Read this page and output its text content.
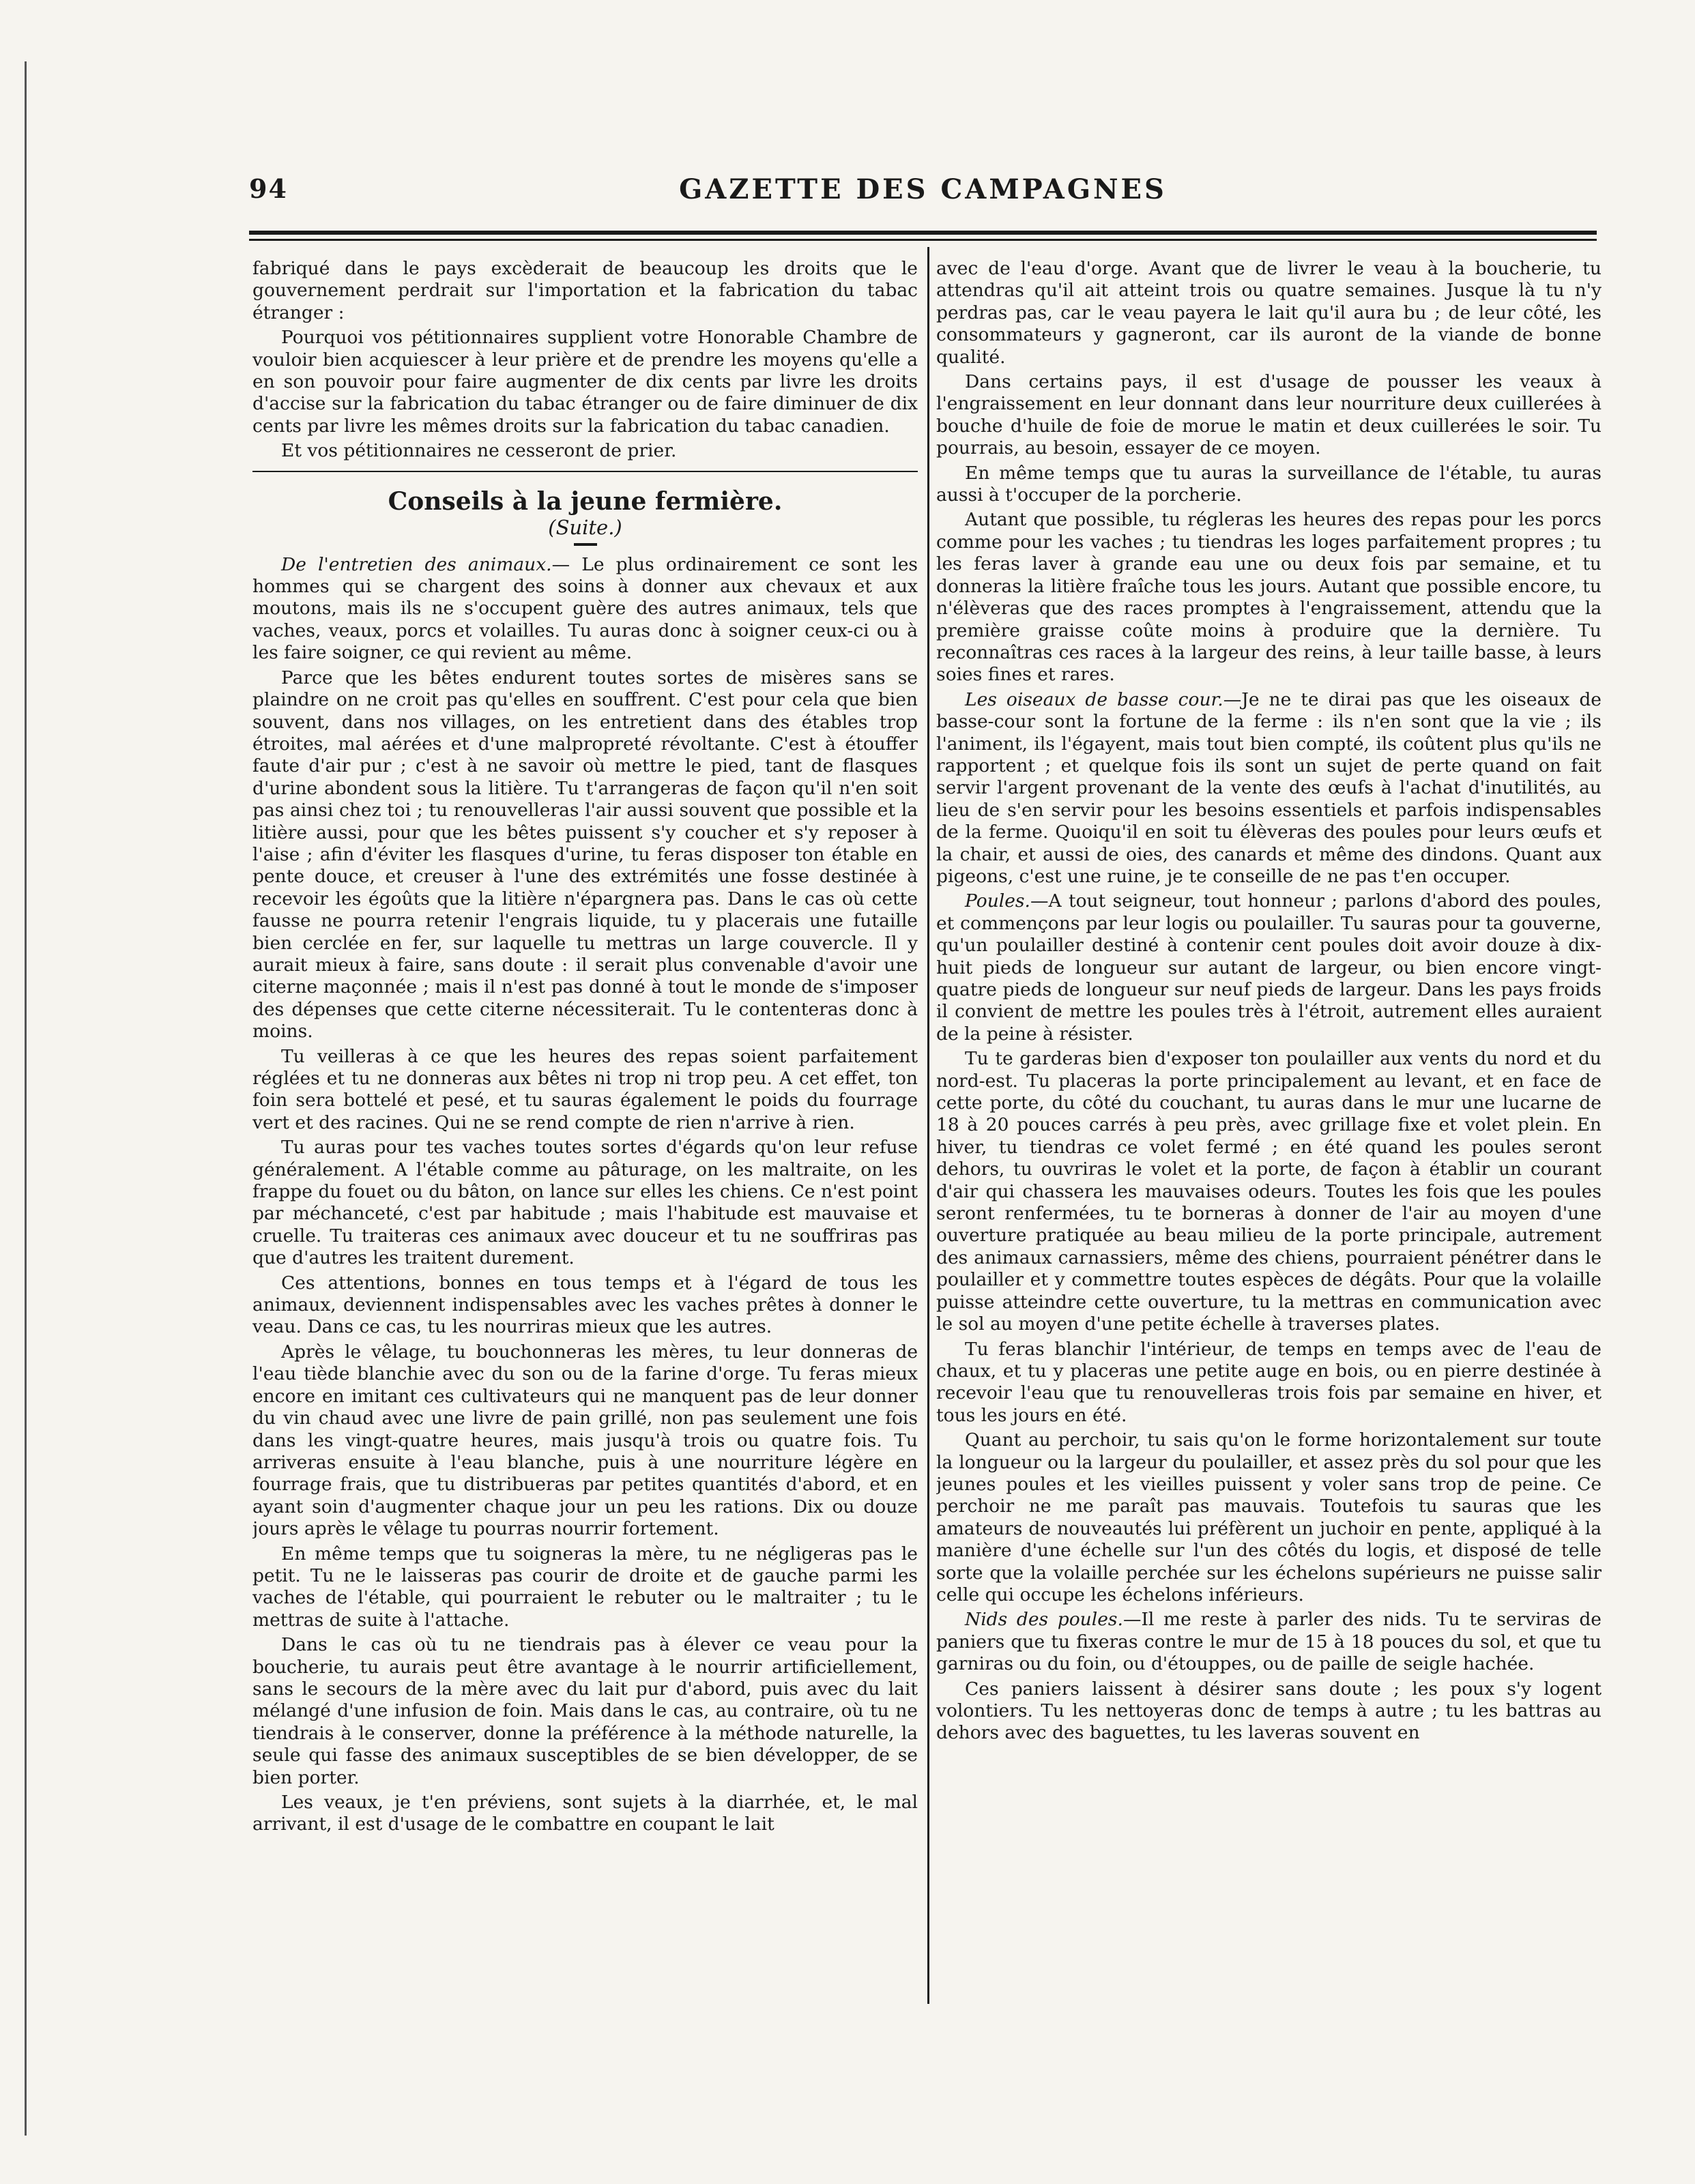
94	GAZETTE DES CAMPAGNES

fabriqué dans le pays excèderait de beaucoup les droits que le gouvernement perdrait sur l'importation et la fabrication du tabac étranger :

Pourquoi vos pétitionnaires supplient votre Honorable Chambre de vouloir bien acquiescer à leur prière et de prendre les moyens qu'elle a en son pouvoir pour faire augmenter de dix cents par livre les droits d'accise sur la fabrication du tabac étranger ou de faire diminuer de dix cents par livre les mêmes droits sur la fabrication du tabac canadien.

Et vos pétitionnaires ne cesseront de prier.

Conseils à la jeune fermière.
(Suite.)

De l'entretien des animaux.— Le plus ordinairement ce sont les hommes qui se chargent des soins à donner aux chevaux et aux moutons, mais ils ne s'occupent guère des autres animaux, tels que vaches, veaux, porcs et volailles. Tu auras donc à soigner ceux-ci ou à les faire soigner, ce qui revient au même.

Parce que les bêtes endurent toutes sortes de misères sans se plaindre on ne croit pas qu'elles en souffrent. C'est pour cela que bien souvent, dans nos villages, on les entretient dans des étables trop étroites, mal aérées et d'une malpropreté révoltante. C'est à étouffer faute d'air pur ; c'est à ne savoir où mettre le pied, tant de flasques d'urine abondent sous la litière. Tu t'arrangeras de façon qu'il n'en soit pas ainsi chez toi ; tu renouvelleras l'air aussi souvent que possible et la litière aussi, pour que les bêtes puissent s'y coucher et s'y reposer à l'aise ; afin d'éviter les flasques d'urine, tu feras disposer ton étable en pente douce, et creuser à l'une des extrémités une fosse destinée à recevoir les égoûts que la litière n'épargnera pas. Dans le cas où cette fausse ne pourra retenir l'engrais liquide, tu y placerais une futaille bien cerclée en fer, sur laquelle tu mettras un large couvercle. Il y aurait mieux à faire, sans doute : il serait plus convenable d'avoir une citerne maçonnée ; mais il n'est pas donné à tout le monde de s'imposer des dépenses que cette citerne nécessiterait. Tu le contenteras donc à moins.

Tu veilleras à ce que les heures des repas soient parfaitement réglées et tu ne donneras aux bêtes ni trop ni trop peu. A cet effet, ton foin sera bottelé et pesé, et tu sauras également le poids du fourrage vert et des racines. Qui ne se rend compte de rien n'arrive à rien.

Tu auras pour tes vaches toutes sortes d'égards qu'on leur refuse généralement. A l'étable comme au pâturage, on les maltraite, on les frappe du fouet ou du bâton, on lance sur elles les chiens. Ce n'est point par méchanceté, c'est par habitude ; mais l'habitude est mauvaise et cruelle. Tu traiteras ces animaux avec douceur et tu ne souffriras pas que d'autres les traitent durement.

Ces attentions, bonnes en tous temps et à l'égard de tous les animaux, deviennent indispensables avec les vaches prêtes à donner le veau. Dans ce cas, tu les nourriras mieux que les autres.

Après le vêlage, tu bouchonneras les mères, tu leur donneras de l'eau tiède blanchie avec du son ou de la farine d'orge. Tu feras mieux encore en imitant ces cultivateurs qui ne manquent pas de leur donner du vin chaud avec une livre de pain grillé, non pas seulement une fois dans les vingt-quatre heures, mais jusqu'à trois ou quatre fois. Tu arriveras ensuite à l'eau blanche, puis à une nourriture légère en fourrage frais, que tu distribueras par petites quantités d'abord, et en ayant soin d'augmenter chaque jour un peu les rations. Dix ou douze jours après le vêlage tu pourras nourrir fortement.

En même temps que tu soigneras la mère, tu ne négligeras pas le petit. Tu ne le laisseras pas courir de droite et de gauche parmi les vaches de l'étable, qui pourraient le rebuter ou le maltraiter ; tu le mettras de suite à l'attache.

Dans le cas où tu ne tiendrais pas à élever ce veau pour la boucherie, tu aurais peut être avantage à le nourrir artificiellement, sans le secours de la mère avec du lait pur d'abord, puis avec du lait mélangé d'une infusion de foin. Mais dans le cas, au contraire, où tu ne tiendrais à le conserver, donne la préférence à la méthode naturelle, la seule qui fasse des animaux susceptibles de se bien développer, de se bien porter.

Les veaux, je t'en préviens, sont sujets à la diarrhée, et, le mal arrivant, il est d'usage de le combattre en coupant le lait

avec de l'eau d'orge. Avant que de livrer le veau à la boucherie, tu attendras qu'il ait atteint trois ou quatre semaines. Jusque là tu n'y perdras pas, car le veau payera le lait qu'il aura bu ; de leur côté, les consommateurs y gagneront, car ils auront de la viande de bonne qualité.

Dans certains pays, il est d'usage de pousser les veaux à l'engraissement en leur donnant dans leur nourriture deux cuillerées à bouche d'huile de foie de morue le matin et deux cuillerées le soir. Tu pourrais, au besoin, essayer de ce moyen.

En même temps que tu auras la surveillance de l'étable, tu auras aussi à t'occuper de la porcherie.

Autant que possible, tu régleras les heures des repas pour les porcs comme pour les vaches ; tu tiendras les loges parfaitement propres ; tu les feras laver à grande eau une ou deux fois par semaine, et tu donneras la litière fraîche tous les jours. Autant que possible encore, tu n'élèveras que des races promptes à l'engraissement, attendu que la première graisse coûte moins à produire que la dernière. Tu reconnaîtras ces races à la largeur des reins, à leur taille basse, à leurs soies fines et rares.

Les oiseaux de basse cour.—Je ne te dirai pas que les oiseaux de basse-cour sont la fortune de la ferme : ils n'en sont que la vie ; ils l'animent, ils l'égayent, mais tout bien compté, ils coûtent plus qu'ils ne rapportent ; et quelque fois ils sont un sujet de perte quand on fait servir l'argent provenant de la vente des œufs à l'achat d'inutilités, au lieu de s'en servir pour les besoins essentiels et parfois indispensables de la ferme. Quoiqu'il en soit tu élèveras des poules pour leurs œufs et la chair, et aussi de oies, des canards et même des dindons. Quant aux pigeons, c'est une ruine, je te conseille de ne pas t'en occuper.

Poules.—A tout seigneur, tout honneur ; parlons d'abord des poules, et commençons par leur logis ou poulailler. Tu sauras pour ta gouverne, qu'un poulailler destiné à contenir cent poules doit avoir douze à dix-huit pieds de longueur sur autant de largeur, ou bien encore vingt-quatre pieds de longueur sur neuf pieds de largeur. Dans les pays froids il convient de mettre les poules très à l'étroit, autrement elles auraient de la peine à résister.

Tu te garderas bien d'exposer ton poulailler aux vents du nord et du nord-est. Tu placeras la porte principalement au levant, et en face de cette porte, du côté du couchant, tu auras dans le mur une lucarne de 18 à 20 pouces carrés à peu près, avec grillage fixe et volet plein. En hiver, tu tiendras ce volet fermé ; en été quand les poules seront dehors, tu ouvriras le volet et la porte, de façon à établir un courant d'air qui chassera les mauvaises odeurs. Toutes les fois que les poules seront renfermées, tu te borneras à donner de l'air au moyen d'une ouverture pratiquée au beau milieu de la porte principale, autrement des animaux carnassiers, même des chiens, pourraient pénétrer dans le poulailler et y commettre toutes espèces de dégâts. Pour que la volaille puisse atteindre cette ouverture, tu la mettras en communication avec le sol au moyen d'une petite échelle à traverses plates.

Tu feras blanchir l'intérieur, de temps en temps avec de l'eau de chaux, et tu y placeras une petite auge en bois, ou en pierre destinée à recevoir l'eau que tu renouvelleras trois fois par semaine en hiver, et tous les jours en été.

Quant au perchoir, tu sais qu'on le forme horizontalement sur toute la longueur ou la largeur du poulailler, et assez près du sol pour que les jeunes poules et les vieilles puissent y voler sans trop de peine. Ce perchoir ne me paraît pas mauvais. Toutefois tu sauras que les amateurs de nouveautés lui préfèrent un juchoir en pente, appliqué à la manière d'une échelle sur l'un des côtés du logis, et disposé de telle sorte que la volaille perchée sur les échelons supérieurs ne puisse salir celle qui occupe les échelons inférieurs.

Nids des poules.—Il me reste à parler des nids. Tu te serviras de paniers que tu fixeras contre le mur de 15 à 18 pouces du sol, et que tu garniras ou du foin, ou d'étouppes, ou de paille de seigle hachée.

Ces paniers laissent à désirer sans doute ; les poux s'y logent volontiers. Tu les nettoyeras donc de temps à autre ; tu les battras au dehors avec des baguettes, tu les laveras souvent en
